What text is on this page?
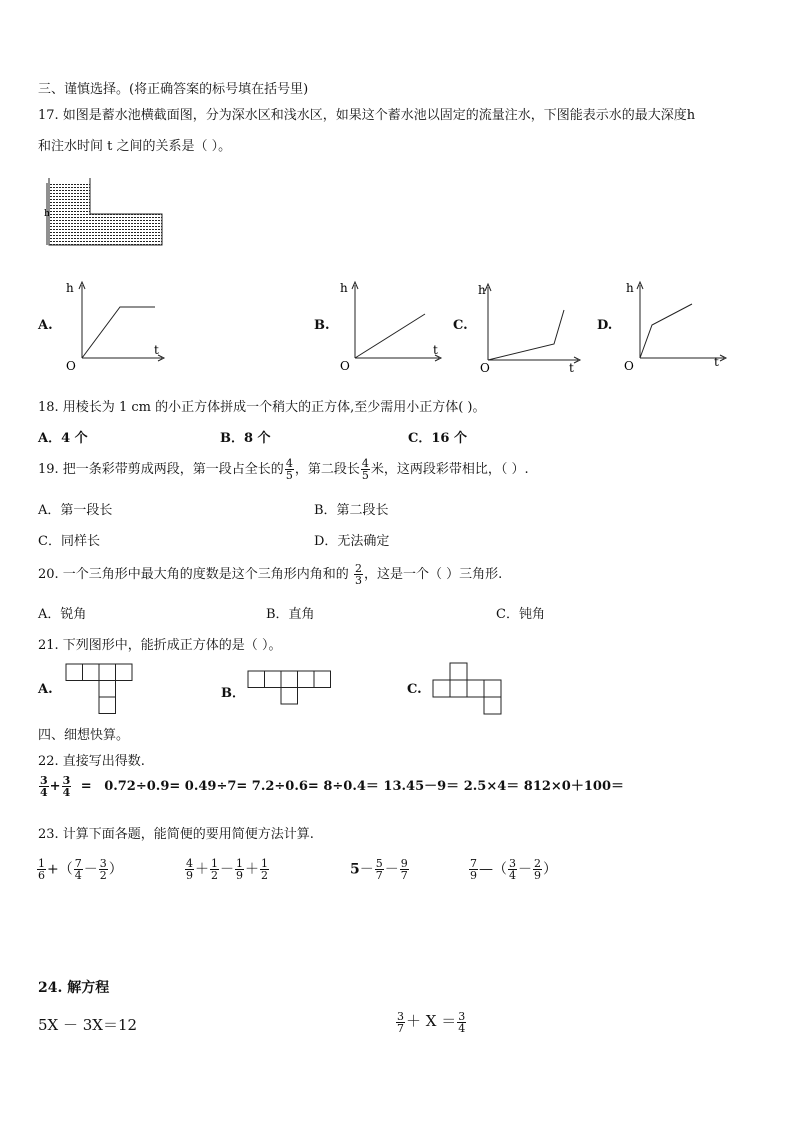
三、谨慎选择。(将正确答案的标号填在括号里)
17. 如图是蓄水池横截面图，分为深水区和浅水区，如果这个蓄水池以固定的流量注水，下图能表示水的最大深度h
和注水时间 t 之间的关系是（ ）。
h
A.
h
t
O
B.
h
t
O
C.
h
t
O
D.
h
t
O
18. 用棱长为 1 cm 的小正方体拼成一个稍大的正方体,至少需用小正方体( )。
A．4 个	B．8 个	C．16 个
19. 把一条彩带剪成两段，第一段占全长的 $\frac{4}{5}$ ，第二段长 $\frac{4}{5}$ 米，这两段彩带相比，（ ）.
A．第一段长	B．第二段长
C．同样长	D．无法确定
20. 一个三角形中最大角的度数是这个三角形内角和的 $\frac{2}{3}$ ，这是一个（ ）三角形.
A．锐角	B．直角	C．钝角
21. 下列图形中，能折成正方体的是（ ）。
A.	B．	C.
四、细想快算。
22. 直接写出得数.
$\frac{3}{4} + \frac{3}{4} = 0.72\div 0.9= 0.49\div 7= 7.2\div 0.6= 8\div 0.4= 13.45-9= 2.5\times 4= 812\times 0+100=$
23. 计算下面各题，能简便的要用简便方法计算.
$\frac{1}{6}$ +（ $\frac{7}{4} - \frac{3}{2}$ ）	$\frac{4}{9} + \frac{1}{2} - \frac{1}{9} + \frac{1}{2}$	$5- \frac{5}{7} - \frac{9}{7}$	$\frac{7}{9}$ —（ $\frac{3}{4} - \frac{2}{9}$ ）
24. 解方程
5X － 3X＝12	$\frac{3}{7} + X = \frac{3}{4}$
